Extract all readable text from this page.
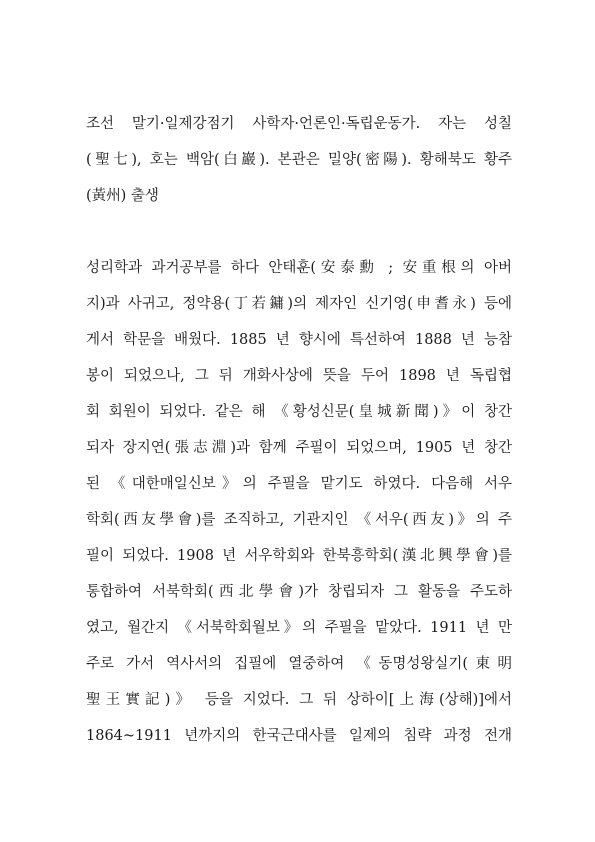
조선 말기·일제강점기 사학자·언론인·독립운동가. 자는 성칠
(聖七), 호는 백암(白巖). 본관은 밀양(密陽). 황해북도 황주
(黃州) 출생
성리학과 과거공부를 하다 안태훈(安泰勳 ; 安重根의 아버
지)과 사귀고, 정약용(丁若鏞)의 제자인 신기영(申耆永) 등에
게서 학문을 배웠다. 1885 년 향시에 특선하여 1888 년 능참
봉이 되었으나, 그 뒤 개화사상에 뜻을 두어 1898 년 독립협
회 회원이 되었다. 같은 해 《황성신문(皇城新聞)》이 창간
되자 장지연(張志淵)과 함께 주필이 되었으며, 1905 년 창간
된 《대한매일신보》의 주필을 맡기도 하였다. 다음해 서우
학회(西友學會)를 조직하고, 기관지인 《서우(西友)》의 주
필이 되었다. 1908 년 서우학회와 한북흥학회(漢北興學會)를
통합하여 서북학회(西北學會)가 창립되자 그 활동을 주도하
였고, 월간지 《서북학회월보》의 주필을 맡았다. 1911 년 만
주로 가서 역사서의 집필에 열중하여 《동명성왕실기(東明
聖王實記)》 등을 지었다. 그 뒤 상하이[上海(상해)]에서
1864~1911 년까지의 한국근대사를 일제의 침략 과정 전개
